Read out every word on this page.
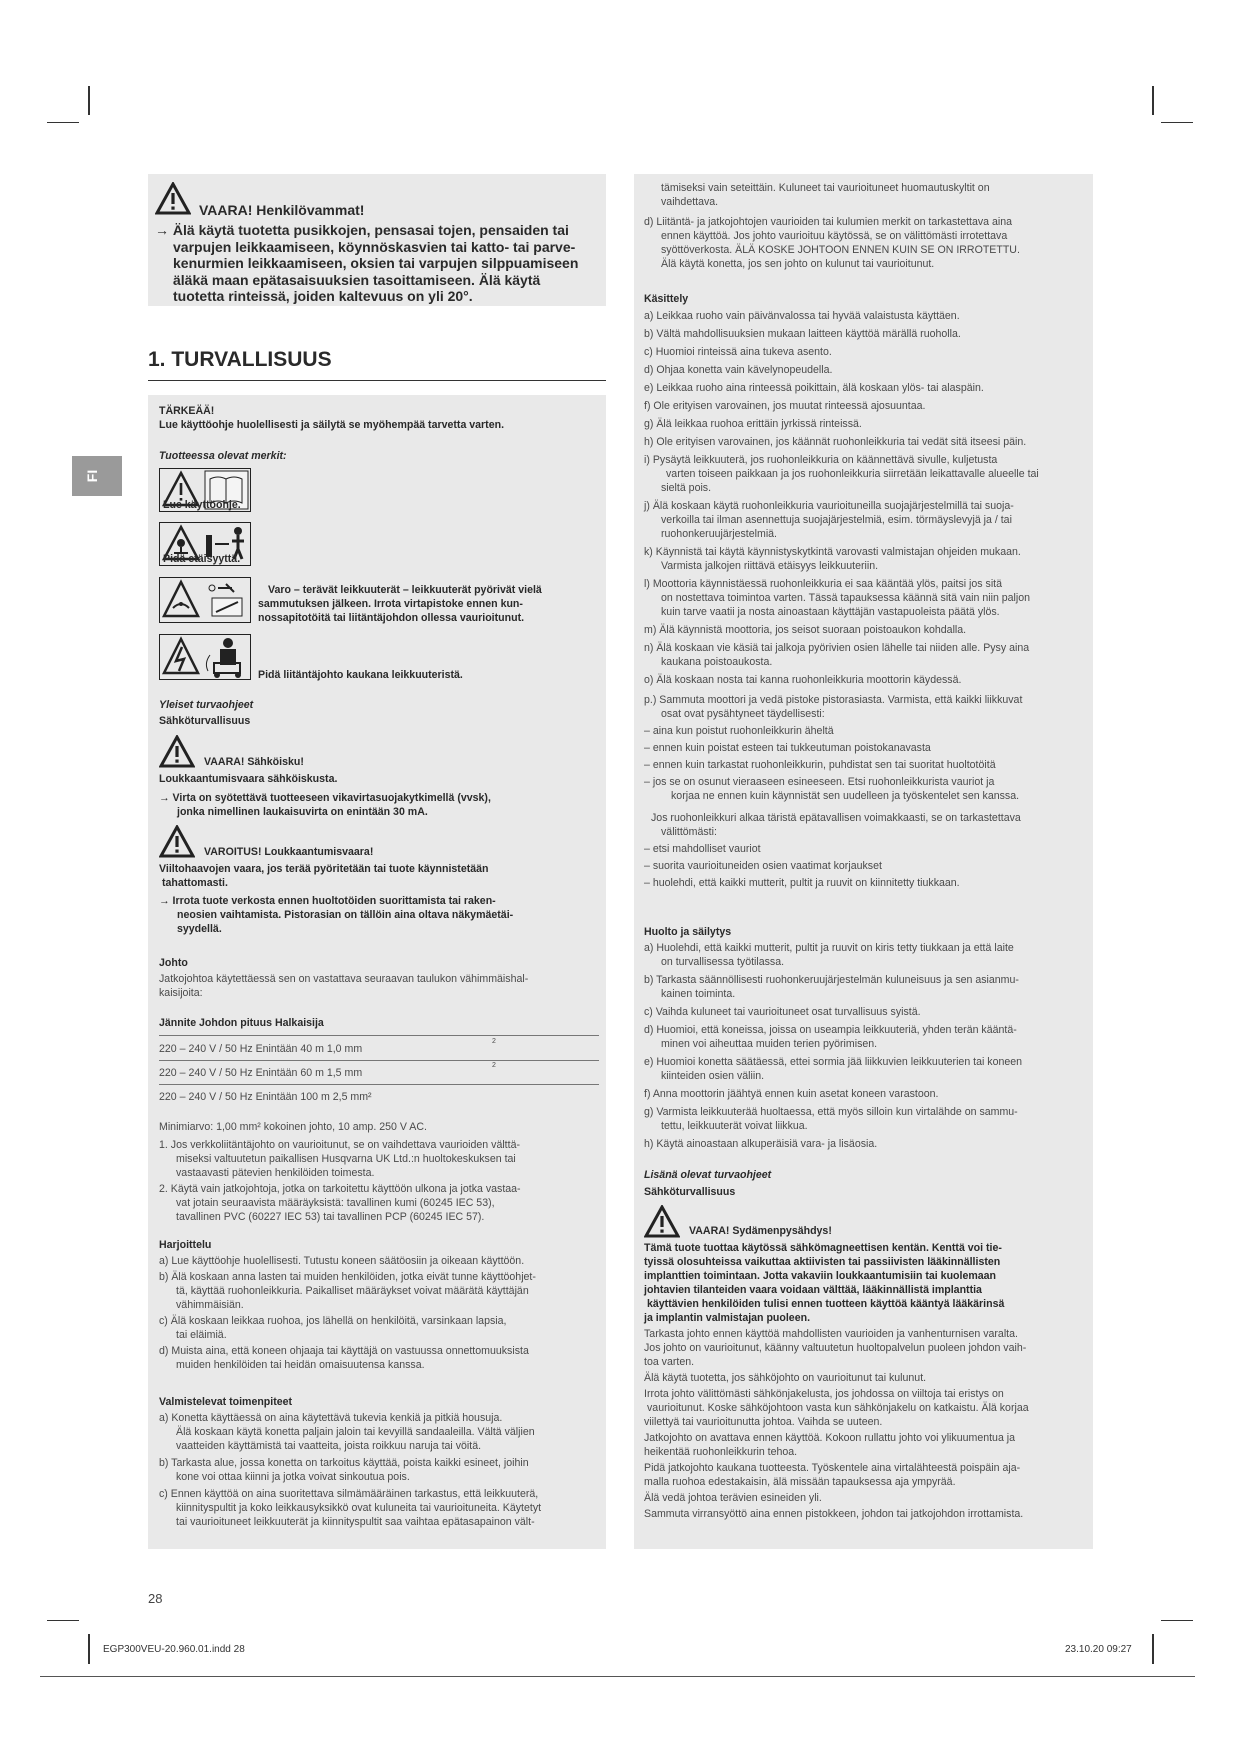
FI
VAARA! Henkilövammat!
→ Älä käytä tuotetta pusikkojen, pensasai tojen, pensaiden tai
varpujen leikkaamiseen, köynnöskasvien tai katto- tai parve-
kenurmien leikkaamiseen, oksien tai varpujen silppuamiseen
äläkä maan epätasaisuuksien tasoittamiseen. Älä käytä
tuotetta rinteissä, joiden kaltevuus on yli 20°.
1. TURVALLISUUS
TÄRKEÄÄ!
Lue käyttöohje huolellisesti ja säilytä se myöhempää tarvetta varten.
Tuotteessa olevat merkit:
Lue käyttöohje.
Pidä etäisyyttä.
Varo – terävät leikkuuterät – leikkuuterät pyörivät vielä
sammutuksen jälkeen. Irrota virtapistoke ennen kun-
nossapitotöitä tai liitäntäjohdon ollessa vaurioitunut.
Pidä liitäntäjohto kaukana leikkuuteristä.
Yleiset turvaohjeet
Sähköturvallisuus
VAARA! Sähköisku!
Loukkaantumisvaara sähköiskusta.
→ Virta on syötettävä tuotteeseen vikavirtasuojakytkimellä (vvsk),
jonka nimellinen laukaisuvirta on enintään 30 mA.
VAROITUS! Loukkaantumisvaara!
Viiltohaavojen vaara, jos terää pyöritetään tai tuote käynnistetään
tahattomasti.
→ Irrota tuote verkosta ennen huoltotöiden suorittamista tai raken-
neosien vaihtamista. Pistorasian on tällöin aina oltava näkymäetäi-
syydellä.
Johto
Jatkojohtoa käytettäessä sen on vastattava seuraavan taulukon vähimmäishal-
kaisijoita:
Jännite Johdon pituus Halkaisija
220 – 240 V / 50 Hz Enintään 40 m 1,0 mm
2
220 – 240 V / 50 Hz Enintään 60 m 1,5 mm
2
220 – 240 V / 50 Hz Enintään 100 m 2,5 mm²
Minimiarvo: 1,00 mm² kokoinen johto, 10 amp. 250 V AC.
1. Jos verkkoliitäntäjohto on vaurioitunut, se on vaihdettava vaurioiden välttä-
miseksi valtuutetun paikallisen Husqvarna UK Ltd.:n huoltokeskuksen tai
vastaavasti pätevien henkilöiden toimesta.
2. Käytä vain jatkojohtoja, jotka on tarkoitettu käyttöön ulkona ja jotka vastaa-
vat jotain seuraavista määräyksistä: tavallinen kumi (60245 IEC 53),
tavallinen PVC (60227 IEC 53) tai tavallinen PCP (60245 IEC 57).
Harjoittelu
a) Lue käyttöohje huolellisesti. Tutustu koneen säätöosiin ja oikeaan käyttöön.
b) Älä koskaan anna lasten tai muiden henkilöiden, jotka eivät tunne käyttöohjet-
tä, käyttää ruohonleikkuria. Paikalliset määräykset voivat määrätä käyttäjän
vähimmäisiän.
c) Älä koskaan leikkaa ruohoa, jos lähellä on henkilöitä, varsinkaan lapsia,
tai eläimiä.
d) Muista aina, että koneen ohjaaja tai käyttäjä on vastuussa onnettomuuksista
muiden henkilöiden tai heidän omaisuutensa kanssa.
Valmistelevat toimenpiteet
a) Konetta käyttäessä on aina käytettävä tukevia kenkiä ja pitkiä housuja.
Älä koskaan käytä konetta paljain jaloin tai kevyillä sandaaleilla. Vältä väljien
vaatteiden käyttämistä tai vaatteita, joista roikkuu naruja tai vöitä.
b) Tarkasta alue, jossa konetta on tarkoitus käyttää, poista kaikki esineet, joihin
kone voi ottaa kiinni ja jotka voivat sinkoutua pois.
c) Ennen käyttöä on aina suoritettava silmämääräinen tarkastus, että leikkuuterä,
kiinnityspultit ja koko leikkausyksikkö ovat kuluneita tai vaurioituneita. Käytetyt
tai vaurioituneet leikkuuterät ja kiinnityspultit saa vaihtaa epätasapainon vält-
tämiseksi vain seteittäin. Kuluneet tai vaurioituneet huomautuskyltit on
vaihdettava.
d) Liitäntä- ja jatkojohtojen vaurioiden tai kulumien merkit on tarkastettava aina
ennen käyttöä. Jos johto vaurioituu käytössä, se on välittömästi irrotettava
syöttöverkosta. ÄLÄ KOSKE JOHTOON ENNEN KUIN SE ON IRROTETTU.
Älä käytä konetta, jos sen johto on kulunut tai vaurioitunut.
Käsittely
a) Leikkaa ruoho vain päivänvalossa tai hyvää valaistusta käyttäen.
b) Vältä mahdollisuuksien mukaan laitteen käyttöä märällä ruoholla.
c) Huomioi rinteissä aina tukeva asento.
d) Ohjaa konetta vain kävelynopeudella.
e) Leikkaa ruoho aina rinteessä poikittain, älä koskaan ylös- tai alaspäin.
f) Ole erityisen varovainen, jos muutat rinteessä ajosuuntaa.
g) Älä leikkaa ruohoa erittäin jyrkissä rinteissä.
h) Ole erityisen varovainen, jos käännät ruohonleikkuria tai vedät sitä itseesi päin.
i) Pysäytä leikkuuterä, jos ruohonleikkuria on käännettävä sivulle, kuljetusta
varten toiseen paikkaan ja jos ruohonleikkuria siirretään leikattavalle alueelle tai
sieltä pois.
j) Älä koskaan käytä ruohonleikkuria vaurioituneilla suojajärjestelmillä tai suoja-
verkoilla tai ilman asennettuja suojajärjestelmiä, esim. törmäyslevyjä ja / tai
ruohonkeruujärjestelmiä.
k) Käynnistä tai käytä käynnistyskytkintä varovasti valmistajan ohjeiden mukaan.
Varmista jalkojen riittävä etäisyys leikkuuteriin.
l) Moottoria käynnistäessä ruohonleikkuria ei saa kääntää ylös, paitsi jos sitä
on nostettava toimintoa varten. Tässä tapauksessa käännä sitä vain niin paljon
kuin tarve vaatii ja nosta ainoastaan käyttäjän vastapuoleista päätä ylös.
m) Älä käynnistä moottoria, jos seisot suoraan poistoaukon kohdalla.
n) Älä koskaan vie käsiä tai jalkoja pyörivien osien lähelle tai niiden alle. Pysy aina
kaukana poistoaukosta.
o) Älä koskaan nosta tai kanna ruohonleikkuria moottorin käydessä.
p.) Sammuta moottori ja vedä pistoke pistorasiasta. Varmista, että kaikki liikkuvat
osat ovat pysähtyneet täydellisesti:
– aina kun poistut ruohonleikkurin äheltä
– ennen kuin poistat esteen tai tukkeutuman poistokanavasta
– ennen kuin tarkastat ruohonleikkurin, puhdistat sen tai suoritat huoltotöitä
– jos se on osunut vieraaseen esineeseen. Etsi ruohonleikkurista vauriot ja
korjaa ne ennen kuin käynnistät sen uudelleen ja työskentelet sen kanssa.
Jos ruohonleikkuri alkaa täristä epätavallisen voimakkaasti, se on tarkastettava
välittömästi:
– etsi mahdolliset vauriot
– suorita vaurioituneiden osien vaatimat korjaukset
– huolehdi, että kaikki mutterit, pultit ja ruuvit on kiinnitetty tiukkaan.
Huolto ja säilytys
a) Huolehdi, että kaikki mutterit, pultit ja ruuvit on kiris tetty tiukkaan ja että laite
on turvallisessa työtilassa.
b) Tarkasta säännöllisesti ruohonkeruujärjestelmän kuluneisuus ja sen asianmu-
kainen toiminta.
c) Vaihda kuluneet tai vaurioituneet osat turvallisuus syistä.
d) Huomioi, että koneissa, joissa on useampia leikkuuteriä, yhden terän kääntä-
minen voi aiheuttaa muiden terien pyörimisen.
e) Huomioi konetta säätäessä, ettei sormia jää liikkuvien leikkuuterien tai koneen
kiinteiden osien väliin.
f) Anna moottorin jäähtyä ennen kuin asetat koneen varastoon.
g) Varmista leikkuuterää huoltaessa, että myös silloin kun virtalähde on sammu-
tettu, leikkuuterät voivat liikkua.
h) Käytä ainoastaan alkuperäisiä vara- ja lisäosia.
Lisänä olevat turvaohjeet
Sähköturvallisuus
VAARA! Sydämenpysähdys!
Tämä tuote tuottaa käytössä sähkömagneettisen kentän. Kenttä voi tie-
tyissä olosuhteissa vaikuttaa aktiivisten tai passiivisten lääkinnällisten
implanttien toimintaan. Jotta vakaviin loukkaantumisiin tai kuolemaan
johtavien tilanteiden vaara voidaan välttää, lääkinnällistä implanttia
käyttävien henkilöiden tulisi ennen tuotteen käyttöä kääntyä lääkärinsä
ja implantin valmistajan puoleen.
Tarkasta johto ennen käyttöä mahdollisten vaurioiden ja vanhenturnisen varalta.
Jos johto on vaurioitunut, käänny valtuutetun huoltopalvelun puoleen johdon vaih-
toa varten.
Älä käytä tuotetta, jos sähköjohto on vaurioitunut tai kulunut.
Irrota johto välittömästi sähkönjakelusta, jos johdossa on viiltoja tai eristys on
vaurioitunut. Koske sähköjohtoon vasta kun sähkönjakelu on katkaistu. Älä korjaa
viilettyä tai vaurioitunutta johtoa. Vaihda se uuteen.
Jatkojohto on avattava ennen käyttöä. Kokoon rullattu johto voi ylikuumentua ja
heikentää ruohonleikkurin tehoa.
Pidä jatkojohto kaukana tuotteesta. Työskentele aina virtalähteestä poispäin aja-
malla ruohoa edestakaisin, älä missään tapauksessa aja ympyrää.
Älä vedä johtoa terävien esineiden yli.
Sammuta virransyöttö aina ennen pistokkeen, johdon tai jatkojohdon irrottamista.
28
EGP300VEU-20.960.01.indd 28	23.10.20 09:27
